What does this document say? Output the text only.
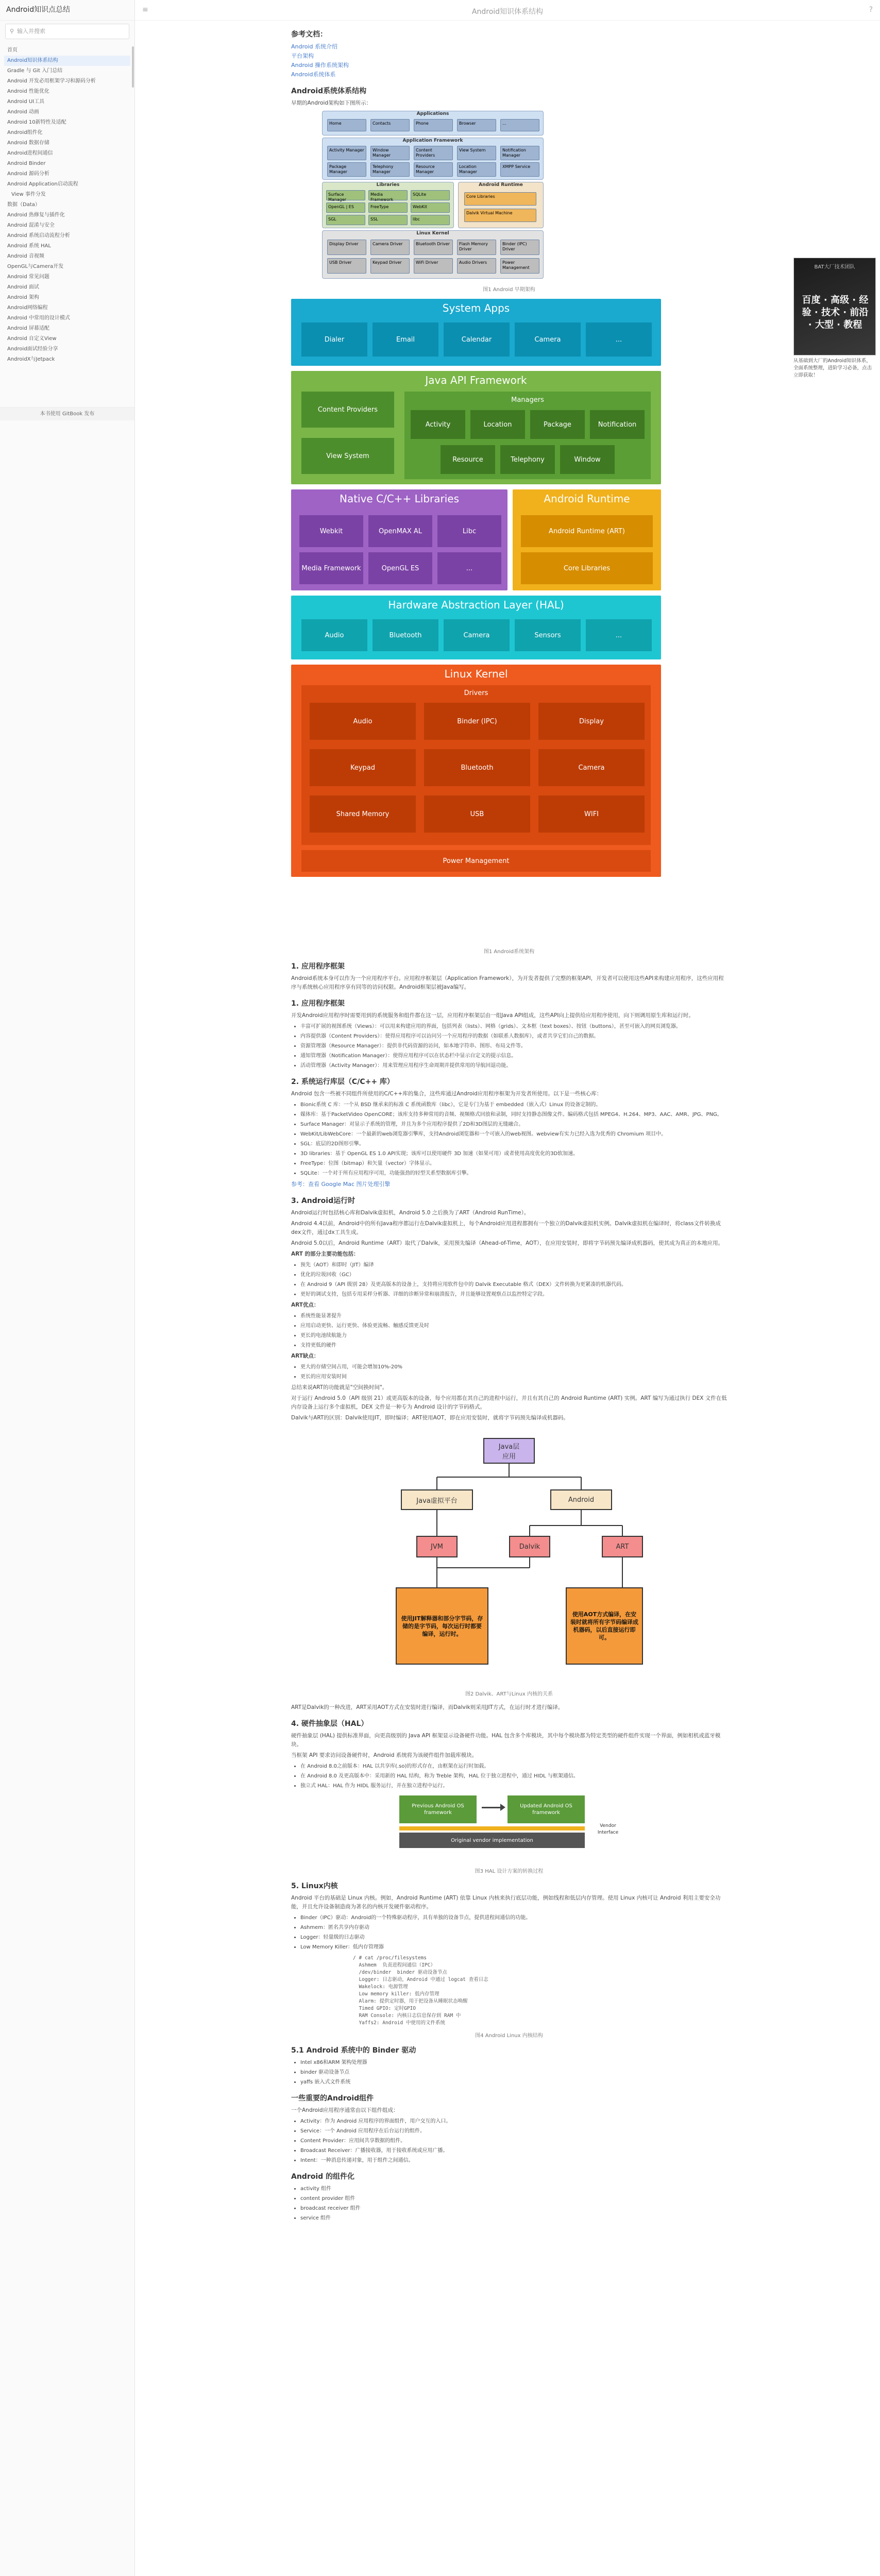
Android知识点总结
⚲ 输入并搜索
首页
Android知识体系结构
Gradle 与 Git 入门总结
Android 开发必用框架学习和源码分析
Android 性能优化
Android UI工具
Android 动画
Android 10新特性及适配
Android组件化
Android 数据存储
Android进程间通信
Android Binder
Android 源码分析
Android Application启动流程
View 事件分发
数据（Data）
Android 热修复与插件化
Android 混淆与安全
Android 系统启动流程分析
Android 系统 HAL
Android 音视频
OpenGL与Camera开发
Android 常见问题
Android 面试
Android 架构
Android网络编程
Android 中常用的设计模式
Android 屏幕适配
Android 自定义View
Android面试经验分享
AndroidX与Jetpack
本书使用 GitBook 发布
≡	Android知识体系结构	?
参考文档：
Android 系统介绍
平台架构
Android 操作系统架构
Android系统体系
Android系统体系结构
早期的Android架构如下图所示：
Applications
Application Framework
Libraries	Android Runtime
Linux Kernel
Home	Contacts	Phone	Browser	...
Activity Manager	Window Manager
Content Providers
View System	Notification Manager
Package Manager
Telephony Manager
Resource Manager
Location Manager
XMPP Service
Surface Manager
Media Framework
SQLite
OpenGL | ES	FreeType	WebKit
SGL	SSL	libc
Core Libraries
Dalvik Virtual Machine
Display Driver	Camera Driver	Bluetooth Driver	Flash Memory Driver
Binder (IPC) Driver
USB Driver	Keypad Driver	WiFi Driver	Audio Drivers	Power Management
图1 Android 早期架构
System Apps
Java API Framework
Native C/C++ Libraries	Android Runtime
Hardware Abstraction Layer (HAL)
Linux Kernel
Dialer	Email	Calendar	Camera	...
Content Providers
View System
Managers
Activity	Location	Package	Notification
Resource	Telephony	Window
Webkit	OpenMAX AL	Libc
Media Framework	OpenGL ES	...
Android Runtime (ART)
Core Libraries
Audio	Bluetooth	Camera	Sensors	...
Drivers
Audio	Binder (IPC)	Display
Keypad	Bluetooth	Camera
Shared Memory	USB	WIFI
Power Management
图1 Android系统架构
1. 应用程序框架
Android系统本身可以作为一个应用程序平台。应用程序框架层（Application Framework），为开发者提供了完整的框架API，开发者可以使用这些API来构建应用程序，这些应用程序与系统核心应用程序享有同等的访问权限。Android框架层被Java编写。
1. 应用程序框架
开发Android应用程序时需要用到的系统服务和组件都在这一层，应用程序框架层由一组Java API组成，这些API向上提供给应用程序使用，向下则调用原生库和运行时。
• 丰富可扩展的视图系统（Views）：可以用来构建应用的界面，包括列表（lists）、网格（grids）、文本框（text boxes）、按钮（buttons），甚至可嵌入的网页浏览器。
• 内容提供器（Content Providers）：使得应用程序可以访问另一个应用程序的数据（如联系人数据库），或者共享它们自己的数据。
• 资源管理器（Resource Manager）：提供非代码资源的访问，如本地字符串、图形、布局文件等。
• 通知管理器（Notification Manager）：使得应用程序可以在状态栏中显示自定义的提示信息。
• 活动管理器（Activity Manager）：用来管理应用程序生命周期并提供常用的导航回退功能。
2. 系统运行库层（C/C++ 库）
Android 包含一些被不同组件所使用的C/C++库的集合，这些库通过Android应用程序框架为开发者所使用。以下是一些核心库：
• Bionic系统 C 库：一个从 BSD 继承来的标准 C 系统函数库（libc），它是专门为基于 embedded（嵌入式）Linux 的设备定制的。
• 媒体库：基于PacketVideo OpenCORE；该库支持多种常用的音频、视频格式回放和录制，同时支持静态图像文件。编码格式包括 MPEG4、H.264、MP3、AAC、AMR、JPG、PNG。
• Surface Manager：对显示子系统的管理，并且为多个应用程序提供了2D和3D图层的无缝融合。
• WebKit/LibWebCore：一个最新的web浏览器引擎库，支持Android浏览器和一个可嵌入的web视图。webview有实力已经入选为优秀的 Chromium 项目中。
• SGL：底层的2D图形引擎。
• 3D libraries：基于 OpenGL ES 1.0 API实现；该库可以使用硬件 3D 加速（如果可用）或者使用高度优化的3D软加速。
• FreeType：位图（bitmap）和矢量（vector）字体显示。
• SQLite：一个对于所有应用程序可用，功能强劲的轻型关系型数据库引擎。
参考：查看 Google Mac 图片处理引擎
3. Android运行时
Android运行时包括核心库和Dalvik虚拟机，Android 5.0 之后换为了ART（Android RunTime）。
Android 4.4以前，Android中的所有Java程序都运行在Dalvik虚拟机上，每个Android应用进程都拥有一个独立的Dalvik虚拟机实例。Dalvik虚拟机在编译时，将class文件转换成dex文件，通过dx工具生成。
Android 5.0以后，Android Runtime（ART）取代了Dalvik，采用预先编译（Ahead-of-Time，AOT），在应用安装时，即将字节码预先编译成机器码，使其成为真正的本地应用。
ART 的部分主要功能包括：
• 预先（AOT）和即时（JIT）编译
• 优化的垃圾回收（GC）
• 在 Android 9（API 级别 28）及更高版本的设备上，支持将应用软件包中的 Dalvik Executable 格式（DEX）文件转换为更紧凑的机器代码。
• 更好的调试支持，包括专用采样分析器、详细的诊断异常和崩溃报告，并且能够设置观察点以监控特定字段。
ART优点：
• 系统性能显著提升
• 应用启动更快、运行更快、体验更流畅、触感反馈更及时
• 更长的电池续航能力
• 支持更低的硬件
ART缺点：
• 更大的存储空间占用，可能会增加10%-20%
• 更长的应用安装时间
总结来说ART的功能就是"空间换时间"。
对于运行 Android 5.0（API 级别 21）或更高版本的设备，每个应用都在其自己的进程中运行，并且有其自己的 Android Runtime (ART) 实例。ART 编写为通过执行 DEX 文件在低内存设备上运行多个虚拟机，DEX 文件是一种专为 Android 设计的字节码格式。
Dalvik与ART的区别：Dalvik使用JIT，即时编译；ART使用AOT，即在应用安装时，就将字节码预先编译成机器码。
Java层
应用
Java虚拟平台	Android
JVM	Dalvik	ART
使用JIT解释器和部分字节码，存储的是字节码，每次运行时都要编译，运行时。
使用AOT方式编译，在安装时就将所有字节码编译成机器码，以后直接运行即可。
图2 Dalvik、ART与Linux 内核的关系
ART是Dalvik的一种改进，ART采用AOT方式在安装时进行编译，而Dalvik则采用JIT方式，在运行时才进行编译。
4. 硬件抽象层（HAL）
硬件抽象层 (HAL) 提供标准界面，向更高级别的 Java API 框架显示设备硬件功能。HAL 包含多个库模块，其中每个模块都为特定类型的硬件组件实现一个界面，例如相机或蓝牙模块。
当框架 API 要求访问设备硬件时，Android 系统将为该硬件组件加载库模块。
• 在 Android 8.0之前版本：HAL 以共享库(.so)的形式存在，由框架在运行时加载。
• 在 Android 8.0 及更高版本中：采用新的 HAL 结构，称为 Treble 架构，HAL 位于独立进程中，通过 HIDL 与框架通信。
• 独立式 HAL：HAL 作为 HIDL 服务运行，并在独立进程中运行。
Previous Android OS framework
Updated Android OS framework
Vendor Interface
Original vendor implementation
图3 HAL 设计方案的转换过程
5. Linux内核
Android 平台的基础是 Linux 内核。例如，Android Runtime (ART) 依靠 Linux 内核来执行底层功能，例如线程和低层内存管理。使用 Linux 内核可让 Android 利用主要安全功能，并且允许设备制造商为著名的内核开发硬件驱动程序。
• Binder（IPC）驱动：Android的一个特殊驱动程序，具有单独的设备节点，提供进程间通信的功能。
• Ashmem：匿名共享内存驱动
• Logger：轻量级的日志驱动
• Low Memory Killer：低内存管理器
/ # cat /proc/filesystems
Ashmem  负责进程间通信（IPC）
/dev/binder  binder 驱动设备节点
Logger: 日志驱动，Android 中通过 logcat 查看日志
Wakelock: 电源管理
Low memory killer: 低内存管理
Alarm: 提供定时器，用于把设备从睡眠状态唤醒
Timed GPIO: 定时GPIO
RAM Console: 内核日志信息保存到 RAM 中
Yaffs2: Android 中使用的文件系统
图4 Android Linux 内核结构
5.1 Android 系统中的 Binder 驱动
• Intel x86和ARM 架构处理器
• binder 驱动设备节点
• yaffs 嵌入式文件系统
一些重要的Android组件
一个Android应用程序通常由以下组件组成：
• Activity：作为 Android 应用程序的界面组件，用户交互的入口。
• Service：一个 Android 应用程序在后台运行的组件。
• Content Provider：应用间共享数据的组件。
• Broadcast Receiver：广播接收器，用于接收系统或应用广播。
• Intent：一种消息传递对象，用于组件之间通信。
Android 的组件化
• activity 组件
• content provider 组件
• broadcast receiver 组件
• service 组件
BAT大厂技术团队
百度 · 高级 · 经验 · 技术 · 前沿 · 大型 · 教程
从基础到大厂的Android知识体系，全面系统整理，进阶学习必备，点击立即获取！
